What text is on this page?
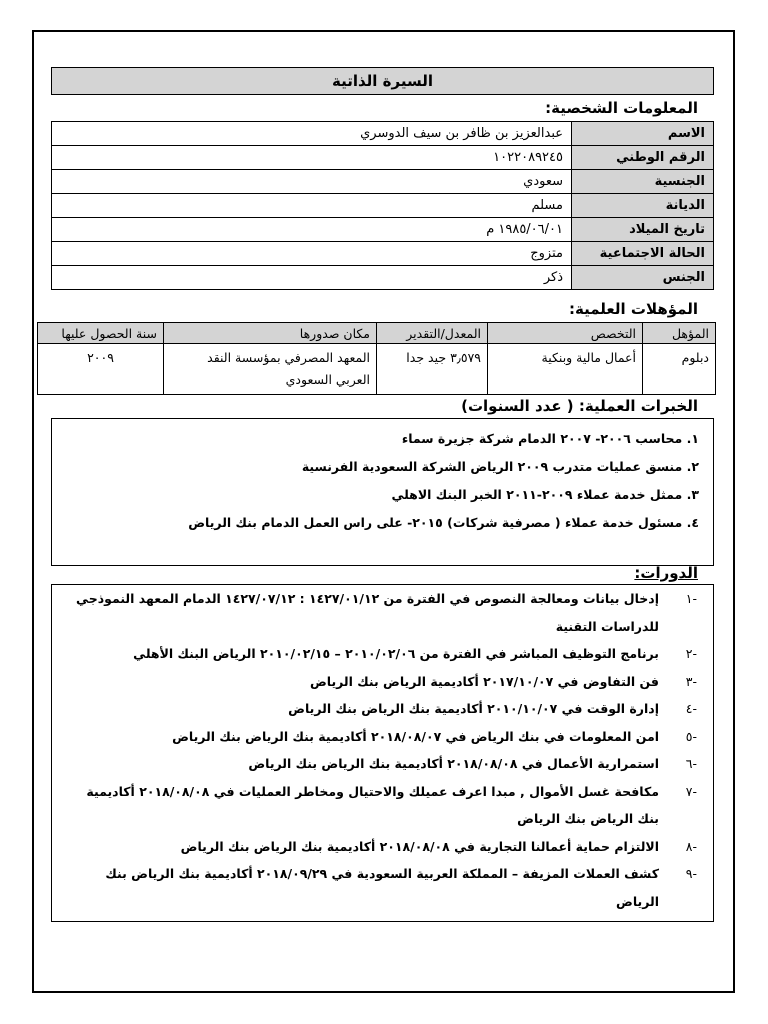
السيرة الذاتية
المعلومات الشخصية:
الاسم	عبدالعزيز بن ظافر بن سيف الدوسري
الرقم الوطني	١٠٢٢٠٨٩٢٤٥
الجنسية	سعودي
الديانة	مسلم
تاريخ الميلاد	١٩٨٥/٠٦/٠١ م
الحالة الاجتماعية	متزوج
الجنس	ذكر
المؤهلات العلمية:
المؤهل	التخصص	المعدل/التقدير	مكان صدورها	سنة الحصول عليها
دبلوم	أعمال مالية وبنكية	٣٫٥٧٩ جيد جدا	المعهد المصرفي بمؤسسة النقد العربي السعودي	٢٠٠٩
الخبرات العملية: ( عدد السنوات)
١. محاسب ٢٠٠٦- ٢٠٠٧ الدمام شركة جزيرة سماء
٢. منسق عمليات متدرب ٢٠٠٩ الرياض الشركة السعودية الفرنسية
٣. ممثل خدمة عملاء ٢٠٠٩-٢٠١١ الخبر البنك الاهلي
٤. مسئول خدمة عملاء ( مصرفية شركات) ٢٠١٥- على راس العمل الدمام بنك الرياض
الدورات:
-١
إدخال بيانات ومعالجة النصوص في الفترة من ١٤٢٧/٠١/١٢ : ١٤٢٧/٠٧/١٢ الدمام المعهد النموذجي للدراسات التقنية
-٢
برنامج التوظيف المباشر في الفترة من ٢٠١٠/٠٢/٠٦ – ٢٠١٠/٠٢/١٥ الرياض البنك الأهلي
-٣
فن التفاوض في ٢٠١٧/١٠/٠٧ أكاديمية الرياض بنك الرياض
-٤
إدارة الوقت في ٢٠١٠/١٠/٠٧ أكاديمية بنك الرياض بنك الرياض
-٥
امن المعلومات في بنك الرياض في ٢٠١٨/٠٨/٠٧ أكاديمية بنك الرياض بنك الرياض
-٦
استمرارية الأعمال في ٢٠١٨/٠٨/٠٨ أكاديمية بنك الرياض بنك الرياض
-٧
مكافحة غسل الأموال , مبدا اعرف عميلك والاحتيال ومخاطر العمليات في ٢٠١٨/٠٨/٠٨ أكاديمية بنك الرياض بنك الرياض
-٨
الالتزام حماية أعمالنا التجارية في ٢٠١٨/٠٨/٠٨ أكاديمية بنك الرياض بنك الرياض
-٩
كشف العملات المزيفة – المملكة العربية السعودية في ٢٠١٨/٠٩/٢٩ أكاديمية بنك الرياض بنك الرياض
